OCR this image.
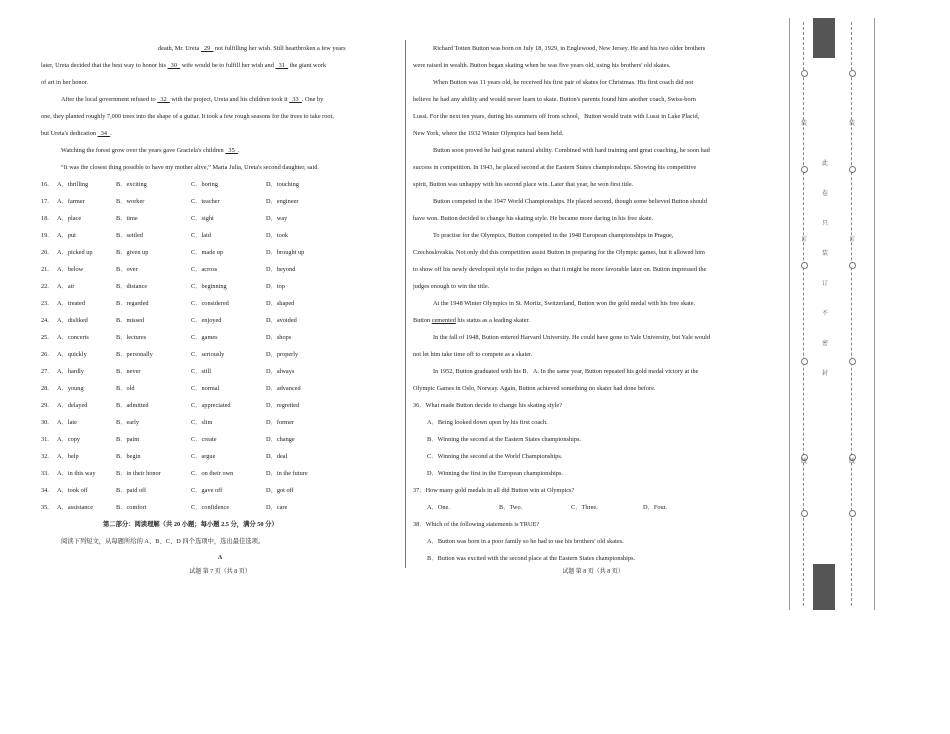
death, Mr. Ureta   29   not fulfilling her wish. Still heartbroken a few years
later, Ureta decided that the best way to honor his   30   wife would be to fulfill her wish and   31   the giant work
of art in her honor.
After the local government refused to   32   with the project, Ureta and his children took it   33  . One by
one, they planted roughly 7,000 trees into the shape of a guitar. It took a few rough seasons for the trees to take root,
but Ureta's dedication   34  .
Watching the forest grow over the years gave Graciela's children   35  .
“It was the closest thing possible to have my mother alive,” Maria Julia, Ureta's second daughter, said.
16.	A．thrilling	B．exciting	C．boring	D．touching
17.	A．farmer	B．worker	C．teacher	D．engineer
18.	A．place	B．time	C．sight	D．way
19.	A．put	B．settled	C．laid	D．took
20.	A．picked up	B．given up	C．made up	D．brought up
21.	A．below	B．over	C．across	D．beyond
22.	A．air	B．distance	C．beginning	D．top
23.	A．treated	B．regarded	C．considered	D．shaped
24.	A．disliked	B．missed	C．enjoyed	D．avoided
25.	A．concerts	B．lectures	C．games	D．shops
26.	A．quickly	B．personally	C．seriously	D．properly
27.	A．hardly	B．never	C．still	D．always
28.	A．young	B．old	C．normal	D．advanced
29.	A．delayed	B．admitted	C．appreciated	D．regretted
30.	A．late	B．early	C．slim	D．former
31.	A．copy	B．paint	C．create	D．change
32.	A．help	B．begin	C．argue	D．deal
33.	A．in this way	B．in their honor	C．on their own	D．in the future
34.	A．took off	B．paid off	C．gave off	D．got off
35.	A．assistance	B．comfort	C．confidence	D．care
第二部分：阅读理解（共 20 小题；每小题 2.5 分，满分 50 分）
阅读下列短文，从每题所给的 A、B、C、D 四个选项中，选出最佳选项。
A
试题 第 7 页（共 8 页）
Richard Totten Button was born on July 18, 1929, in Englewood, New Jersey. He and his two older brothers
were raised in wealth. Button began skating when he was five years old, using his brothers' old skates.
When Button was 11 years old, he received his first pair of skates for Christmas. His first coach did not
believe he had any ability and would never learn to skate. Button's parents found him another coach, Swiss-born
Lussi. For the next ten years, during his summers off from school，Button would train with Lussi in Lake Placid,
New York, where the 1932 Winter Olympics had been held.
Button soon proved he had great natural ability. Combined with hard training and great coaching, he soon had
success in competition. In 1943, he placed second at the Eastern States championships. Showing his competitive
spirit, Button was unhappy with his second place win. Later that year, he won first title.
Button competed in the 1947 World Championships. He placed second, though some believed Button should
have won. Button decided to change his skating style. He became more daring in his free skate.
To practise for the Olympics, Button competed in the 1948 European championships in Prague,
Czechoslovakia. Not only did this competition assist Button in preparing for the Olympic games, but it allowed him
to show off his newly developed style to the judges so that it might be more favorable later on. Button impressed the
judges enough to win the title.
At the 1948 Winter Olympics in St. Moritz, Switzerland, Button won the gold medal with his free skate.
Button cemented his status as a leading skater.
In the fall of 1948, Button entered Harvard University. He could have gone to Yale University, but Yale would
not let him take time off to compete as a skater.
In 1952, Button graduated with his B．A. In the same year, Button repeated his gold medal victory at the
Olympic Games in Oslo, Norway. Again, Button achieved something no skater had done before.
36．What made Button decide to change his skating style?
A．Being looked down upon by his first coach.
B．Winning the second at the Eastern States championships.
C．Winning the second at the World Championships.
D．Winning the first in the European championships.
37．How many gold medals in all did Button win at Olympics?
A．One.	B．Two.	C．Three.	D．Four.
38．Which of the following statements is TRUE?
A．Button was born in a poor family so he had to use his brothers' old skates.
B．Button was excited with the second place at the Eastern States championships.
试题 第 8 页（共 8 页）
装
订
线
装
订
线
此
卷
只
装
订
不
密
封
